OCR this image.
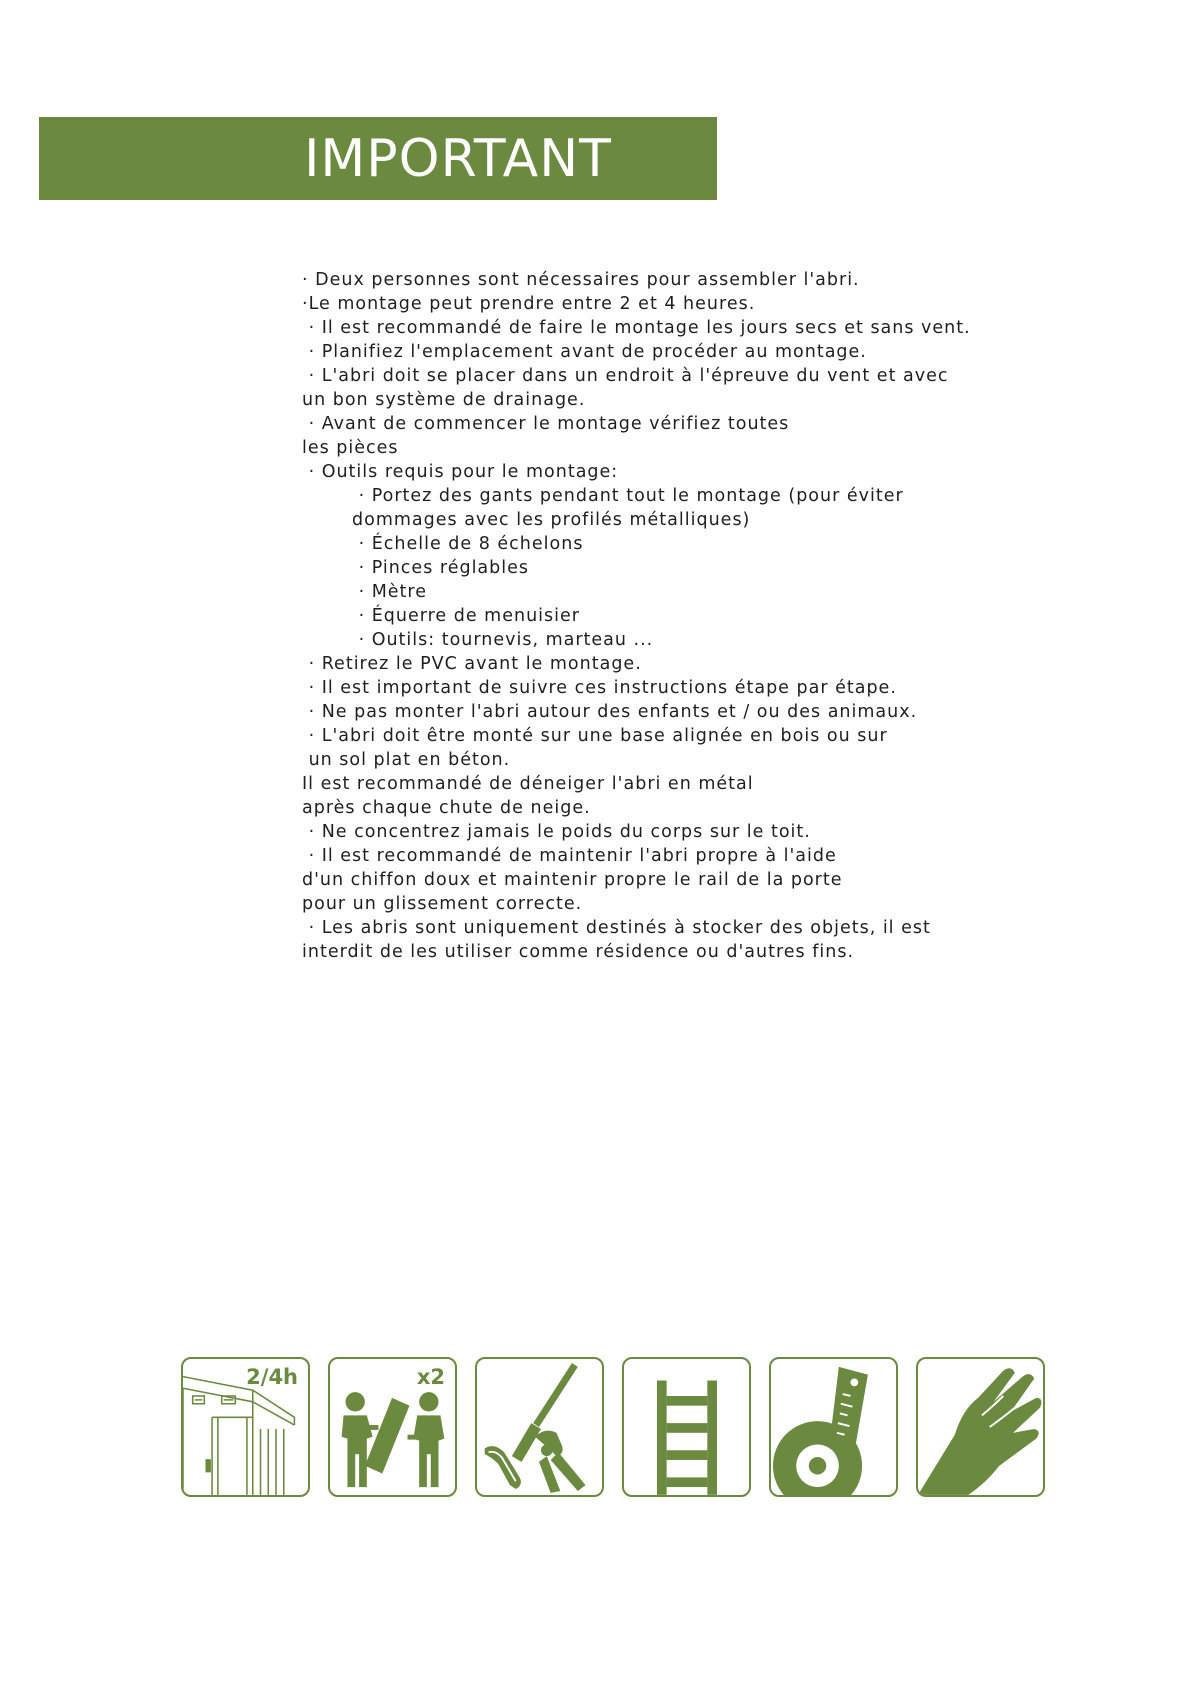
IMPORTANT
· Deux personnes sont nécessaires pour assembler l'abri.
·Le montage peut prendre entre 2 et 4 heures.
· Il est recommandé de faire le montage les jours secs et sans vent.
· Planifiez l'emplacement avant de procéder au montage.
· L'abri doit se placer dans un endroit à l'épreuve du vent et avec
un bon système de drainage.
· Avant de commencer le montage vérifiez toutes
les pièces
· Outils requis pour le montage:
· Portez des gants pendant tout le montage (pour éviter
dommages avec les profilés métalliques)
· Échelle de 8 échelons
· Pinces réglables
· Mètre
· Équerre de menuisier
· Outils: tournevis, marteau ...
· Retirez le PVC avant le montage.
· Il est important de suivre ces instructions étape par étape.
· Ne pas monter l'abri autour des enfants et / ou des animaux.
· L'abri doit être monté sur une base alignée en bois ou sur
un sol plat en béton.
Il est recommandé de déneiger l'abri en métal
après chaque chute de neige.
· Ne concentrez jamais le poids du corps sur le toit.
· Il est recommandé de maintenir l'abri propre à l'aide
d'un chiffon doux et maintenir propre le rail de la porte
pour un glissement correcte.
· Les abris sont uniquement destinés à stocker des objets, il est
interdit de les utiliser comme résidence ou d'autres fins.
2/4h	x2
